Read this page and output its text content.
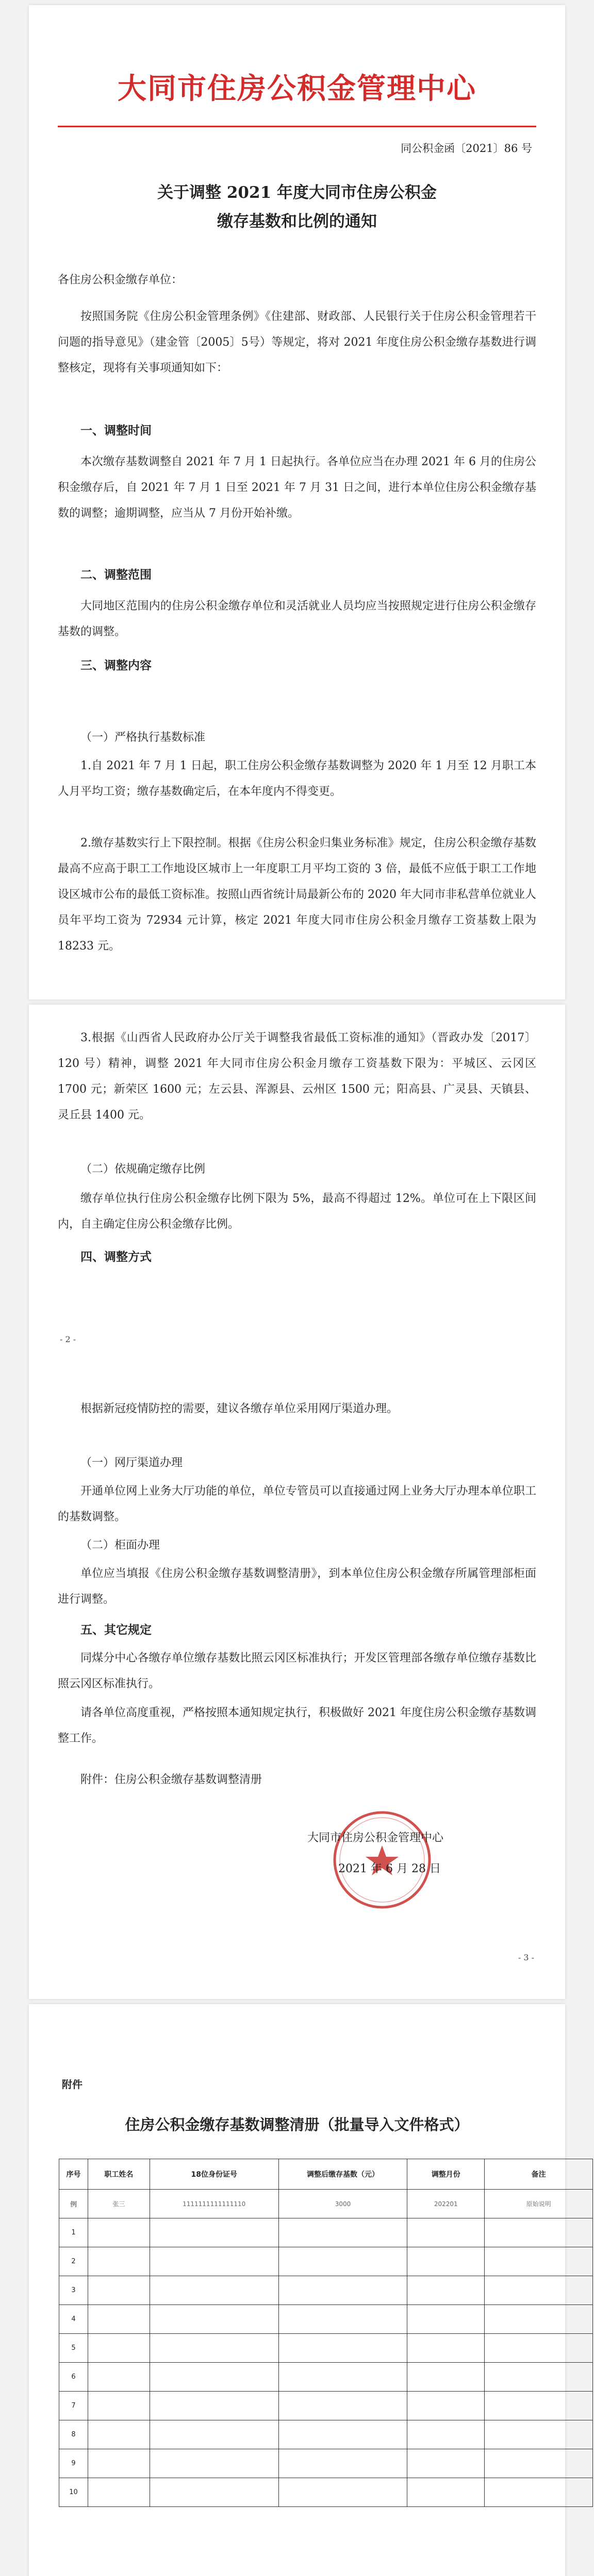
大同市住房公积金管理中心
同公积金函〔2021〕86 号
关于调整 2021 年度大同市住房公积金
缴存基数和比例的通知

各住房公积金缴存单位：

按照国务院《住房公积金管理条例》《住建部、财政部、人民银行关于住房公积金管理若干问题的指导意见》（建金管〔2005〕5号）等规定，将对 2021 年度住房公积金缴存基数进行调整核定，现将有关事项通知如下：

一、调整时间

本次缴存基数调整自 2021 年 7 月 1 日起执行。各单位应当在办理 2021 年 6 月的住房公积金缴存后，自 2021 年 7 月 1 日至 2021 年 7 月 31 日之间，进行本单位住房公积金缴存基数的调整；逾期调整，应当从 7 月份开始补缴。

二、调整范围

大同地区范围内的住房公积金缴存单位和灵活就业人员均应当按照规定进行住房公积金缴存基数的调整。

三、调整内容

（一）严格执行基数标准

1.自 2021 年 7 月 1 日起，职工住房公积金缴存基数调整为 2020 年 1 月至 12 月职工本人月平均工资；缴存基数确定后，在本年度内不得变更。

2.缴存基数实行上下限控制。根据《住房公积金归集业务标准》规定，住房公积金缴存基数最高不应高于职工工作地设区城市上一年度职工月平均工资的 3 倍，最低不应低于职工工作地设区城市公布的最低工资标准。按照山西省统计局最新公布的 2020 年大同市非私营单位就业人员年平均工资为 72934 元计算，核定 2021 年度大同市住房公积金月缴存工资基数上限为 18233 元。

3.根据《山西省人民政府办公厅关于调整我省最低工资标准的通知》（晋政办发〔2017〕120 号）精神，调整 2021 年大同市住房公积金月缴存工资基数下限为：平城区、云冈区 1700 元；新荣区 1600 元；左云县、浑源县、云州区 1500 元；阳高县、广灵县、天镇县、灵丘县 1400 元。

（二）依规确定缴存比例

缴存单位执行住房公积金缴存比例下限为 5%，最高不得超过 12%。单位可在上下限区间内，自主确定住房公积金缴存比例。

四、调整方式

- 2 -

根据新冠疫情防控的需要，建议各缴存单位采用网厅渠道办理。

（一）网厅渠道办理

开通单位网上业务大厅功能的单位，单位专管员可以直接通过网上业务大厅办理本单位职工的基数调整。

（二）柜面办理

单位应当填报《住房公积金缴存基数调整清册》，到本单位住房公积金缴存所属管理部柜面进行调整。

五、其它规定

同煤分中心各缴存单位缴存基数比照云冈区标准执行；开发区管理部各缴存单位缴存基数比照云冈区标准执行。

请各单位高度重视，严格按照本通知规定执行，积极做好 2021 年度住房公积金缴存基数调整工作。

附件：住房公积金缴存基数调整清册

大同市住房公积金管理中心

2021 年 6 月 28 日

- 3 -
附件
住房公积金缴存基数调整清册（批量导入文件格式）
序号	职工姓名	18位身份证号	调整后缴存基数（元）	调整月份	备注
例	张三	1111111111111110	3000	202201	原始说明
1					
2					
3					
4					
5					
6					
7					
8					
9					
10					
